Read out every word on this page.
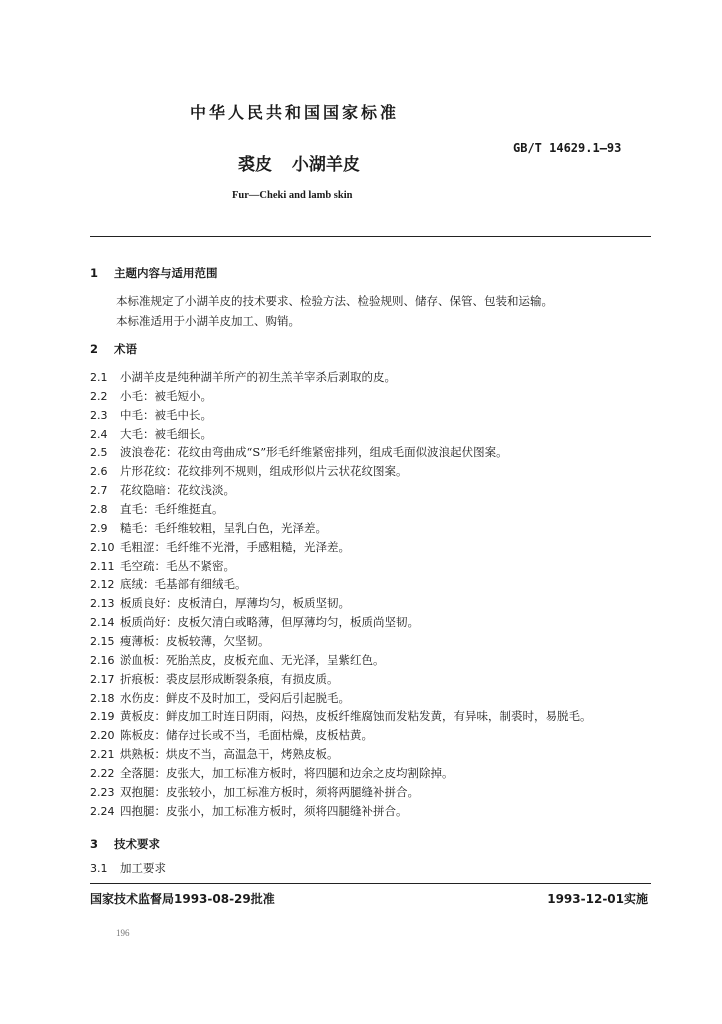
中华人民共和国国家标准
GB/T 14629.1—93
裘皮 小湖羊皮
Fur—Cheki and lamb skin
1 主题内容与适用范围
本标准规定了小湖羊皮的技术要求、检验方法、检验规则、储存、保管、包装和运输。
本标准适用于小湖羊皮加工、购销。
2 术语
2.1 小湖羊皮是纯种湖羊所产的初生羔羊宰杀后剥取的皮。
2.2 小毛：被毛短小。
2.3 中毛：被毛中长。
2.4 大毛：被毛细长。
2.5 波浪卷花：花纹由弯曲成“S”形毛纤维紧密排列，组成毛面似波浪起伏图案。
2.6 片形花纹：花纹排列不规则，组成形似片云状花纹图案。
2.7 花纹隐暗：花纹浅淡。
2.8 直毛：毛纤维挺直。
2.9 糙毛：毛纤维较粗，呈乳白色，光泽差。
2.10 毛粗涩：毛纤维不光滑，手感粗糙，光泽差。
2.11 毛空疏：毛丛不紧密。
2.12 底绒：毛基部有细绒毛。
2.13 板质良好：皮板清白，厚薄均匀，板质坚韧。
2.14 板质尚好：皮板欠清白或略薄，但厚薄均匀，板质尚坚韧。
2.15 瘦薄板：皮板较薄，欠坚韧。
2.16 淤血板：死胎羔皮，皮板充血、无光泽，呈紫红色。
2.17 折痕板：裘皮层形成断裂条痕，有损皮质。
2.18 水伤皮：鲜皮不及时加工，受闷后引起脱毛。
2.19 黄板皮：鲜皮加工时连日阴雨，闷热，皮板纤维腐蚀而发粘发黄，有异味，制裘时，易脱毛。
2.20 陈板皮：储存过长或不当，毛面枯燥，皮板枯黄。
2.21 烘熟板：烘皮不当，高温急干，烤熟皮板。
2.22 全落腿：皮张大，加工标准方板时，将四腿和边余之皮均割除掉。
2.23 双抱腿：皮张较小，加工标准方板时，须将两腿缝补拼合。
2.24 四抱腿：皮张小，加工标准方板时，须将四腿缝补拼合。
3 技术要求
3.1 加工要求
国家技术监督局1993-08-29批准	1993-12-01实施
196
